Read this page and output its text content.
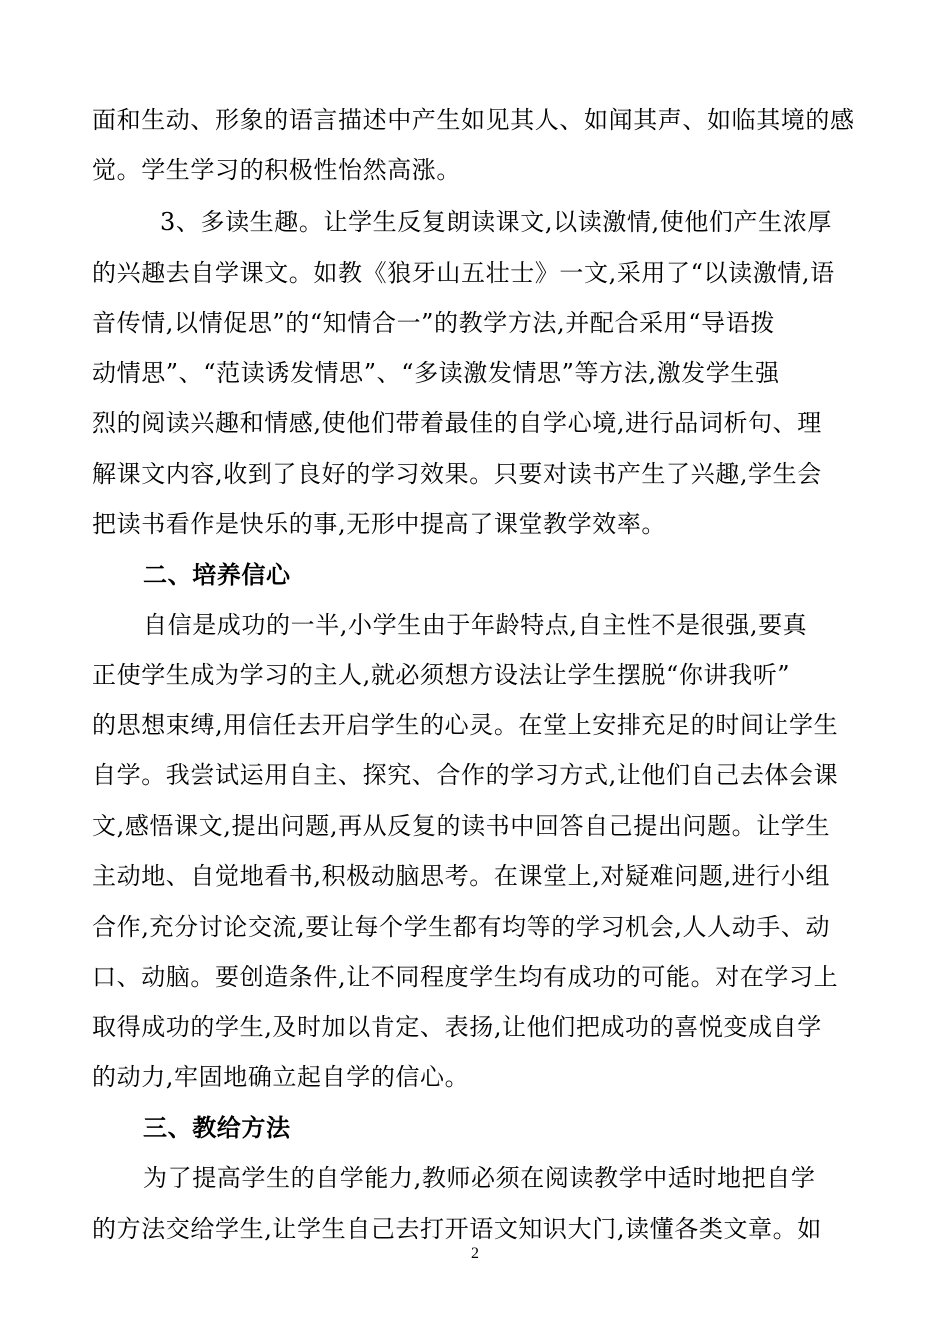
面和生动、形象的语言描述中产生如见其人、如闻其声、如临其境的感
觉。学生学习的积极性怡然高涨。
3、多读生趣。让学生反复朗读课文,以读激情,使他们产生浓厚
的兴趣去自学课文。如教《狼牙山五壮士》一文,采用了“以读激情,语
音传情,以情促思”的“知情合一”的教学方法,并配合采用“导语拨
动情思”、“范读诱发情思”、“多读激发情思”等方法,激发学生强
烈的阅读兴趣和情感,使他们带着最佳的自学心境,进行品词析句、理
解课文内容,收到了良好的学习效果。只要对读书产生了兴趣,学生会
把读书看作是快乐的事,无形中提高了课堂教学效率。
二、培养信心
自信是成功的一半,小学生由于年龄特点,自主性不是很强,要真
正使学生成为学习的主人,就必须想方设法让学生摆脱“你讲我听”
的思想束缚,用信任去开启学生的心灵。在堂上安排充足的时间让学生
自学。我尝试运用自主、探究、合作的学习方式,让他们自己去体会课
文,感悟课文,提出问题,再从反复的读书中回答自己提出问题。让学生
主动地、自觉地看书,积极动脑思考。在课堂上,对疑难问题,进行小组
合作,充分讨论交流,要让每个学生都有均等的学习机会,人人动手、动
口、动脑。要创造条件,让不同程度学生均有成功的可能。对在学习上
取得成功的学生,及时加以肯定、表扬,让他们把成功的喜悦变成自学
的动力,牢固地确立起自学的信心。
三、教给方法
为了提高学生的自学能力,教师必须在阅读教学中适时地把自学
的方法交给学生,让学生自己去打开语文知识大门,读懂各类文章。如
2
